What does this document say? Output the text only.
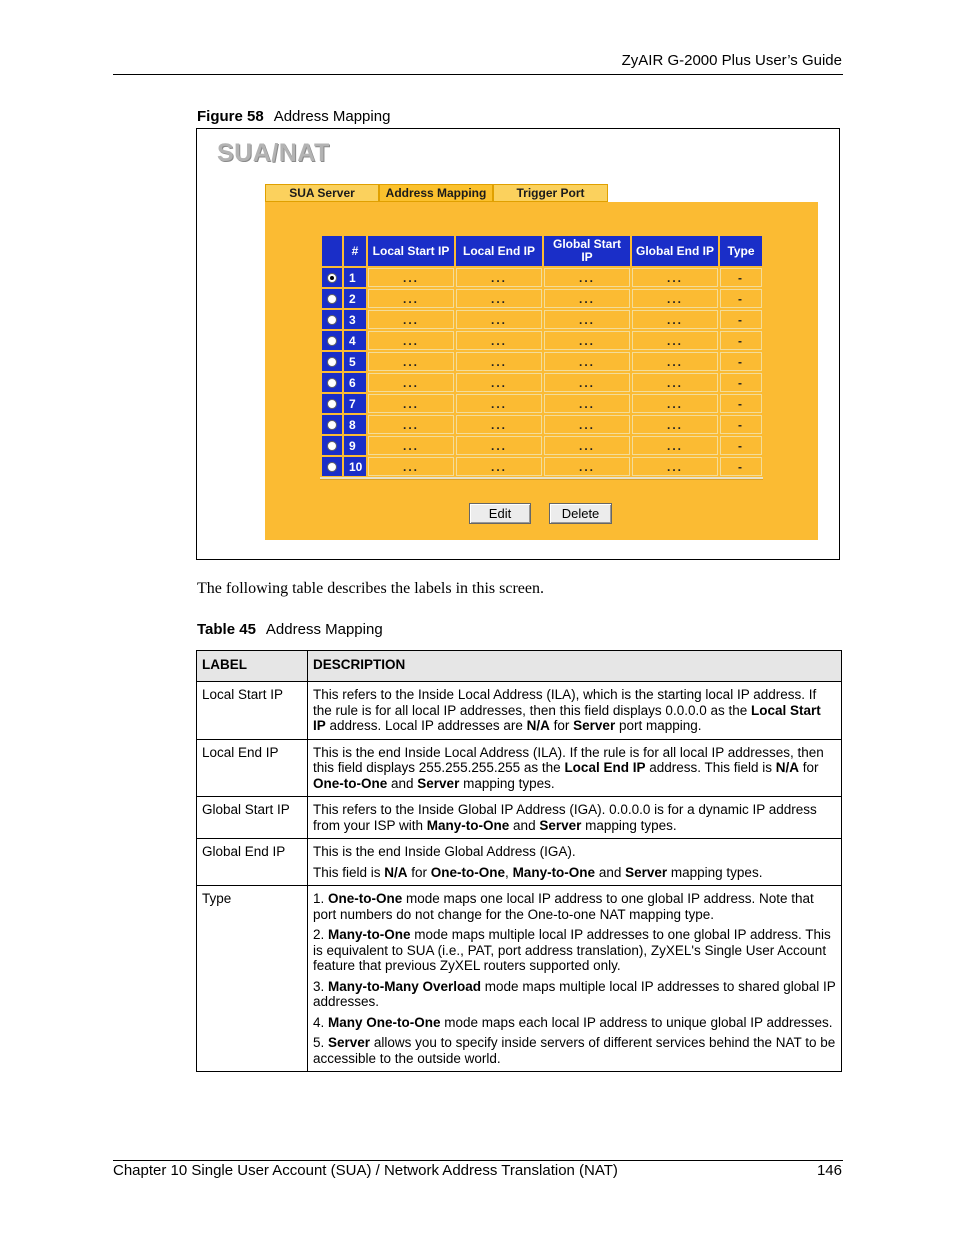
ZyAIR G-2000 Plus User’s Guide
Figure 58 Address Mapping
SUA/NAT
SUA Server	Address Mapping	Trigger Port
	#	Local Start IP	Local End IP	Global Start IP	Global End IP	Type
	1	...	...	...	...	-
	2	...	...	...	...	-
	3	...	...	...	...	-
	4	...	...	...	...	-
	5	...	...	...	...	-
	6	...	...	...	...	-
	7	...	...	...	...	-
	8	...	...	...	...	-
	9	...	...	...	...	-
	10	...	...	...	...	-
Edit	Delete
The following table describes the labels in this screen.
Table 45 Address Mapping
LABEL	DESCRIPTION
Local Start IP	This refers to the Inside Local Address (ILA), which is the starting local IP address. If the rule is for all local IP addresses, then this field displays 0.0.0.0 as the Local Start IP address. Local IP addresses are N/A for Server port mapping.

Local End IP	This is the end Inside Local Address (ILA). If the rule is for all local IP addresses, then this field displays 255.255.255.255 as the Local End IP address. This field is N/A for One-to-One and Server mapping types.

Global Start IP	This refers to the Inside Global IP Address (IGA). 0.0.0.0 is for a dynamic IP address from your ISP with Many-to-One and Server mapping types.

Global End IP	This is the end Inside Global Address (IGA).

This field is N/A for One-to-One, Many-to-One and Server mapping types.

Type	1. One-to-One mode maps one local IP address to one global IP address. Note that port numbers do not change for the One-to-one NAT mapping type.

2. Many-to-One mode maps multiple local IP addresses to one global IP address. This is equivalent to SUA (i.e., PAT, port address translation), ZyXEL's Single User Account feature that previous ZyXEL routers supported only.

3. Many-to-Many Overload mode maps multiple local IP addresses to shared global IP addresses.

4. Many One-to-One mode maps each local IP address to unique global IP addresses.

5. Server allows you to specify inside servers of different services behind the NAT to be accessible to the outside world.

Chapter 10 Single User Account (SUA) / Network Address Translation (NAT)	146
